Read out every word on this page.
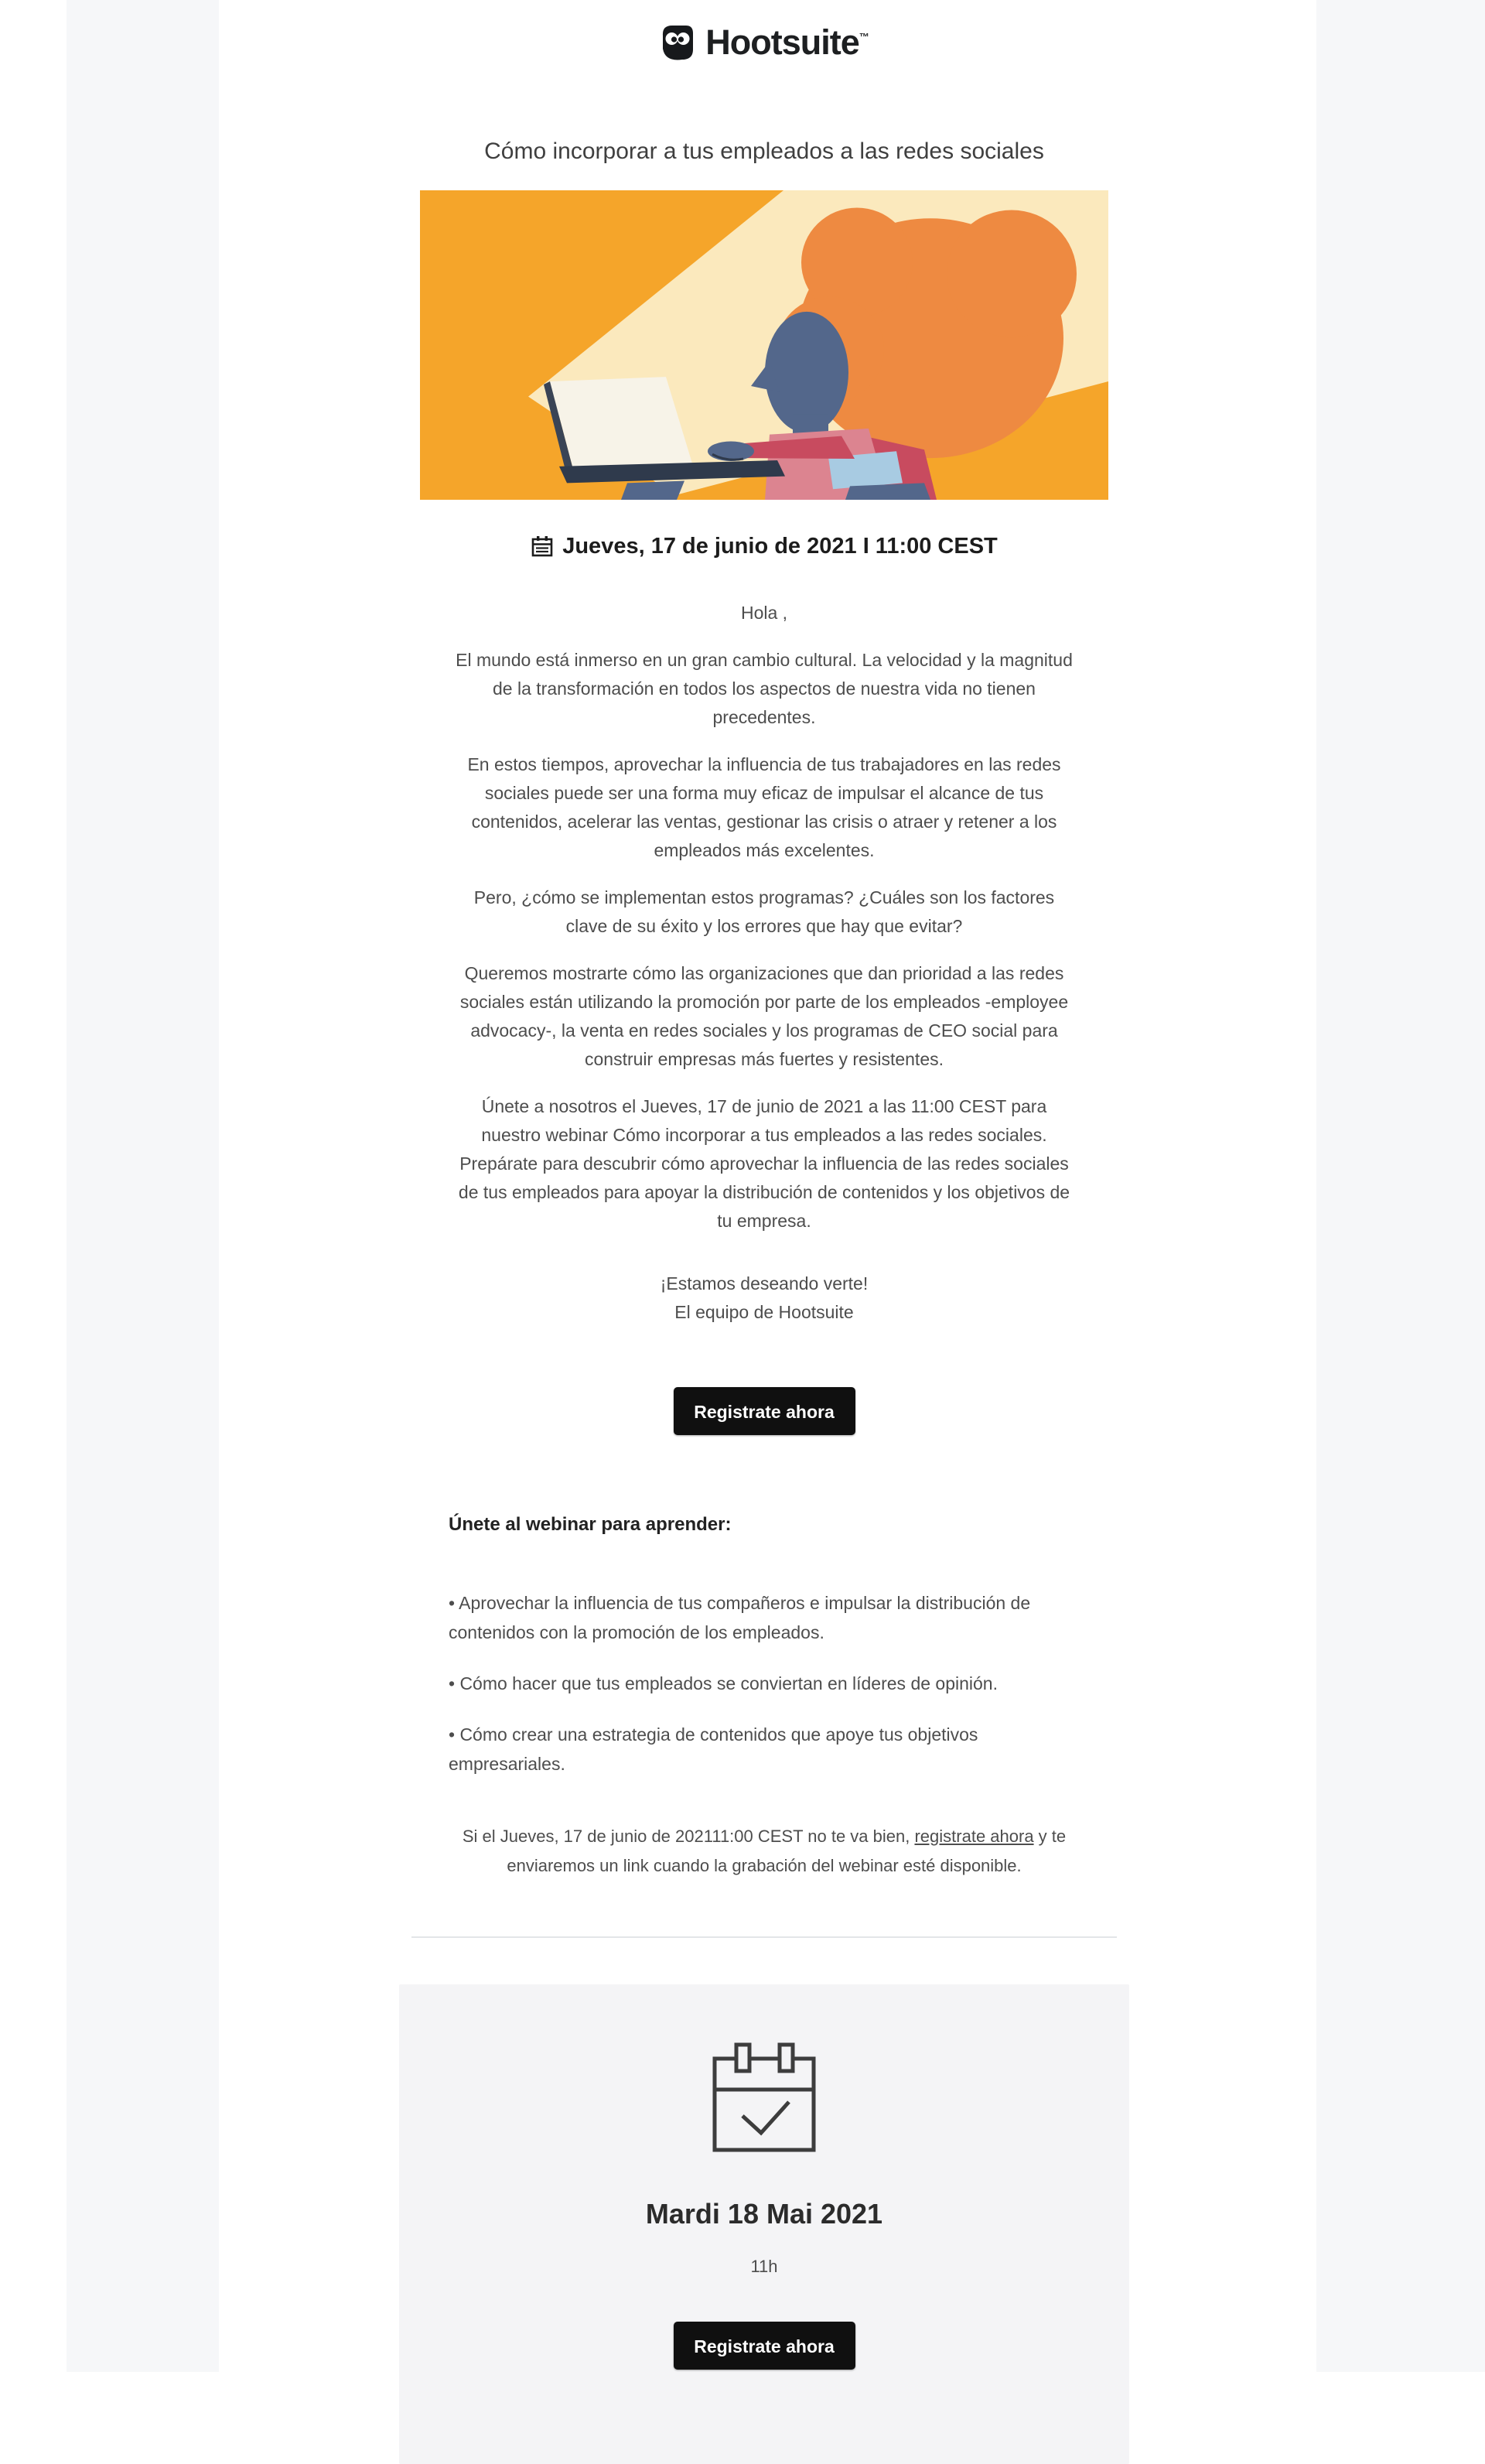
Hootsuite™
Cómo incorporar a tus empleados a las redes sociales
Jueves, 17 de junio de 2021 I 11:00 CEST

Hola ,

El mundo está inmerso en un gran cambio cultural. La velocidad y la magnitud de la transformación en todos los aspectos de nuestra vida no tienen precedentes.

En estos tiempos, aprovechar la influencia de tus trabajadores en las redes sociales puede ser una forma muy eficaz de impulsar el alcance de tus contenidos, acelerar las ventas, gestionar las crisis o atraer y retener a los empleados más excelentes.

Pero, ¿cómo se implementan estos programas? ¿Cuáles son los factores clave de su éxito y los errores que hay que evitar?

Queremos mostrarte cómo las organizaciones que dan prioridad a las redes sociales están utilizando la promoción por parte de los empleados -employee advocacy-, la venta en redes sociales y los programas de CEO social para construir empresas más fuertes y resistentes.

Únete a nosotros el Jueves, 17 de junio de 2021 a las 11:00 CEST para nuestro webinar Cómo incorporar a tus empleados a las redes sociales. Prepárate para descubrir cómo aprovechar la influencia de las redes sociales de tus empleados para apoyar la distribución de contenidos y los objetivos de tu empresa.

¡Estamos deseando verte!

El equipo de Hootsuite

Registrate ahora
Únete al webinar para aprender:

• Aprovechar la influencia de tus compañeros e impulsar la distribución de contenidos con la promoción de los empleados.

• Cómo hacer que tus empleados se conviertan en líderes de opinión.

• Cómo crear una estrategia de contenidos que apoye tus objetivos empresariales.

Si el Jueves, 17 de junio de 202111:00 CEST no te va bien, registrate ahora y te enviaremos un link cuando la grabación del webinar esté disponible.

Mardi 18 Mai 2021
11h
Registrate ahora
